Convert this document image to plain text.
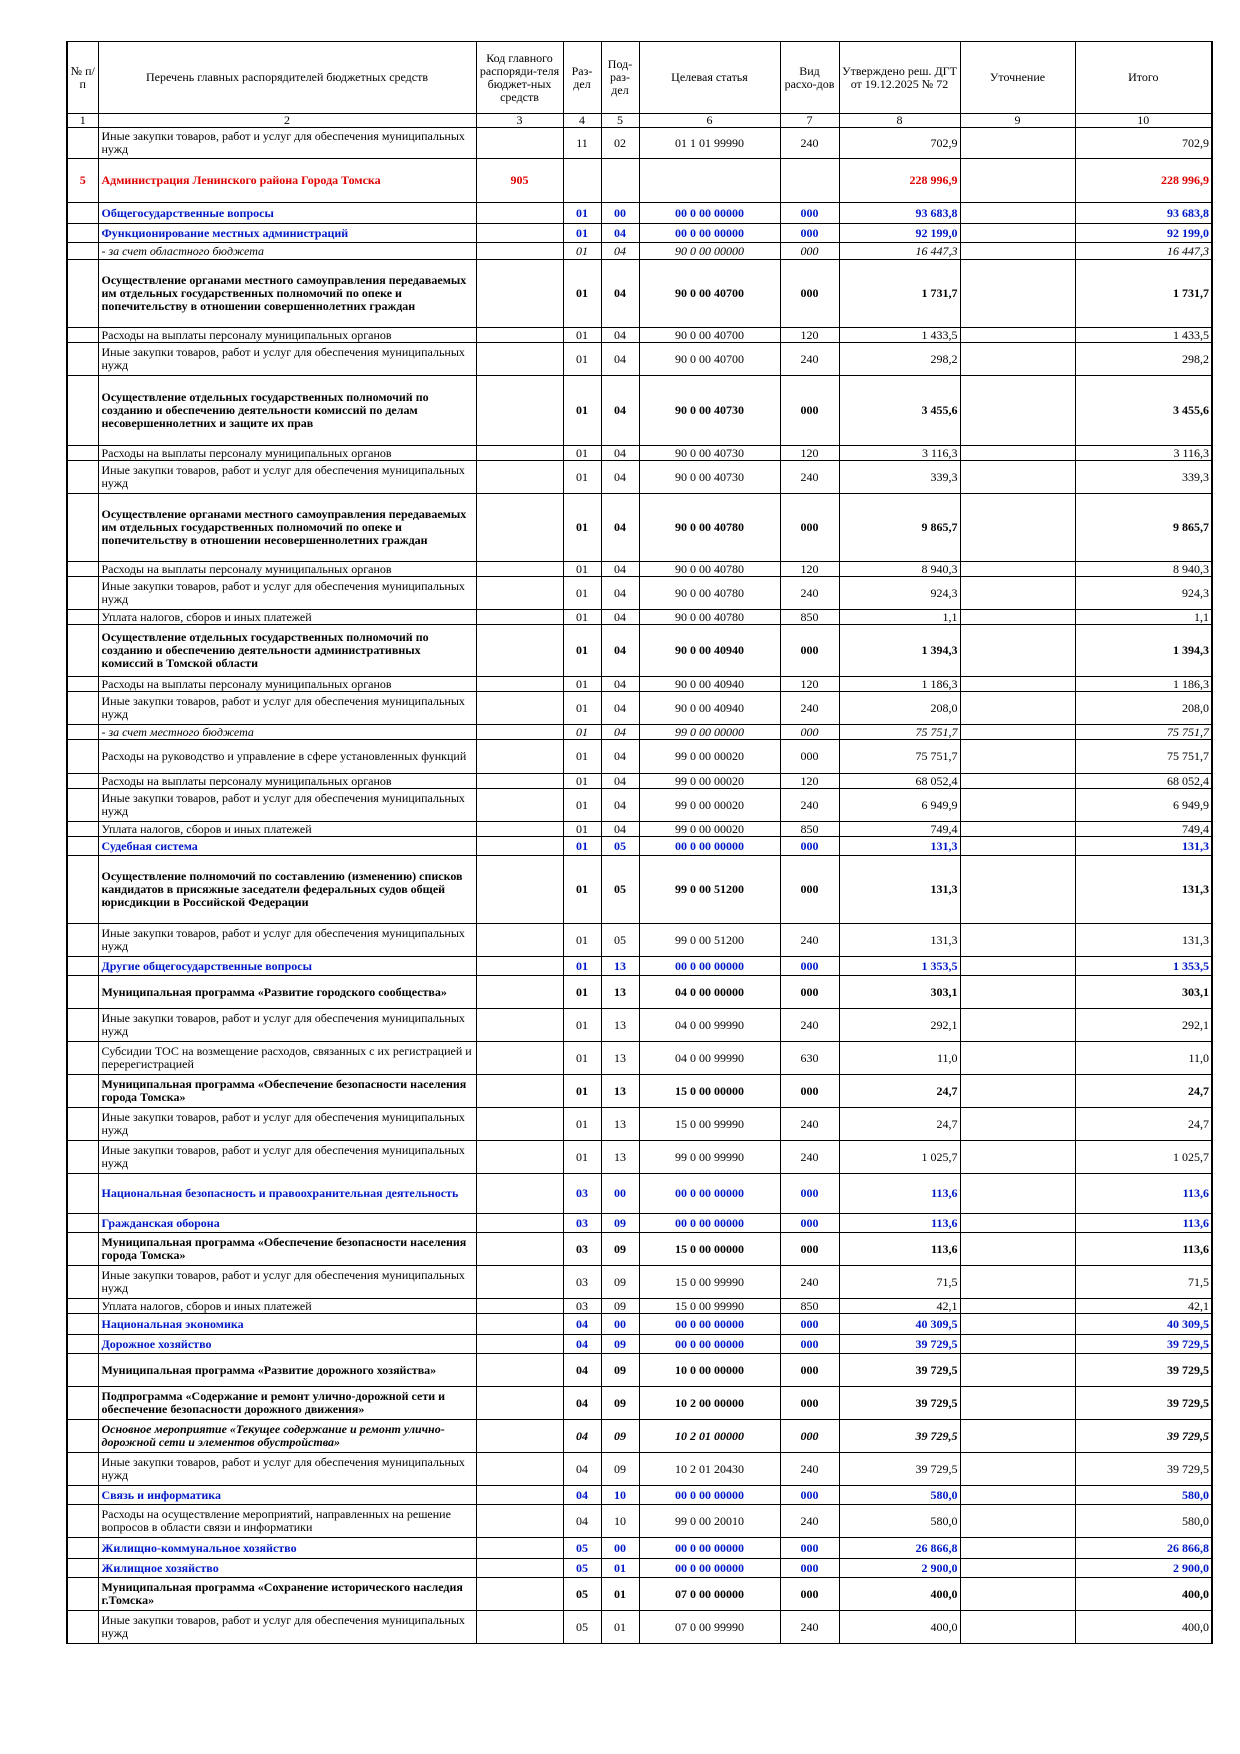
№ п/п	Перечень главных распорядителей бюджетных средств	Код главного распоряди-теля бюджет-ных средств	Раз-дел	Под-раз-дел	Целевая статья	Вид расхо-дов	Утверждено реш. ДГТ от 19.12.2025 № 72	Уточнение	Итого
1	2	3	4	5	6	7	8	9	10
	Иные закупки товаров, работ и услуг для обеспечения муниципальных нужд		11	02	01 1 01 99990	240	702,9		702,9
5	Администрация Ленинского района Города Томска	905					228 996,9		228 996,9
	Общегосударственные вопросы		01	00	00 0 00 00000	000	93 683,8		93 683,8
	Функционирование местных администраций		01	04	00 0 00 00000	000	92 199,0		92 199,0
	- за счет областного бюджета		01	04	90 0 00 00000	000	16 447,3		16 447,3
	Осуществление органами местного самоуправления передаваемых им отдельных государственных полномочий по опеке и попечительству в отношении совершеннолетних граждан		01	04	90 0 00 40700	000	1 731,7		1 731,7
	Расходы на выплаты персоналу муниципальных органов		01	04	90 0 00 40700	120	1 433,5		1 433,5
	Иные закупки товаров, работ и услуг для обеспечения муниципальных нужд		01	04	90 0 00 40700	240	298,2		298,2
	Осуществление отдельных государственных полномочий по созданию и обеспечению деятельности комиссий по делам несовершеннолетних и защите их прав		01	04	90 0 00 40730	000	3 455,6		3 455,6
	Расходы на выплаты персоналу муниципальных органов		01	04	90 0 00 40730	120	3 116,3		3 116,3
	Иные закупки товаров, работ и услуг для обеспечения муниципальных нужд		01	04	90 0 00 40730	240	339,3		339,3
	Осуществление органами местного самоуправления передаваемых им отдельных государственных полномочий по опеке и попечительству в отношении несовершеннолетних граждан		01	04	90 0 00 40780	000	9 865,7		9 865,7
	Расходы на выплаты персоналу муниципальных органов		01	04	90 0 00 40780	120	8 940,3		8 940,3
	Иные закупки товаров, работ и услуг для обеспечения муниципальных нужд		01	04	90 0 00 40780	240	924,3		924,3
	Уплата налогов, сборов и иных платежей		01	04	90 0 00 40780	850	1,1		1,1
	Осуществление отдельных государственных полномочий по созданию и обеспечению деятельности административных комиссий в Томской области		01	04	90 0 00 40940	000	1 394,3		1 394,3
	Расходы на выплаты персоналу муниципальных органов		01	04	90 0 00 40940	120	1 186,3		1 186,3
	Иные закупки товаров, работ и услуг для обеспечения муниципальных нужд		01	04	90 0 00 40940	240	208,0		208,0
	- за счет местного бюджета		01	04	99 0 00 00000	000	75 751,7		75 751,7
	Расходы на руководство и управление в сфере установленных функций		01	04	99 0 00 00020	000	75 751,7		75 751,7
	Расходы на выплаты персоналу муниципальных органов		01	04	99 0 00 00020	120	68 052,4		68 052,4
	Иные закупки товаров, работ и услуг для обеспечения муниципальных нужд		01	04	99 0 00 00020	240	6 949,9		6 949,9
	Уплата налогов, сборов и иных платежей		01	04	99 0 00 00020	850	749,4		749,4
	Судебная система		01	05	00 0 00 00000	000	131,3		131,3
	Осуществление полномочий по составлению (изменению) списков кандидатов в присяжные заседатели федеральных судов общей юрисдикции в Российской Федерации		01	05	99 0 00 51200	000	131,3		131,3
	Иные закупки товаров, работ и услуг для обеспечения муниципальных нужд		01	05	99 0 00 51200	240	131,3		131,3
	Другие общегосударственные вопросы		01	13	00 0 00 00000	000	1 353,5		1 353,5
	Муниципальная программа «Развитие городского сообщества»		01	13	04 0 00 00000	000	303,1		303,1
	Иные закупки товаров, работ и услуг для обеспечения муниципальных нужд		01	13	04 0 00 99990	240	292,1		292,1
	Субсидии ТОС на возмещение расходов, связанных с их регистрацией и перерегистрацией		01	13	04 0 00 99990	630	11,0		11,0
	Муниципальная программа «Обеспечение безопасности населения города Томска»		01	13	15 0 00 00000	000	24,7		24,7
	Иные закупки товаров, работ и услуг для обеспечения муниципальных нужд		01	13	15 0 00 99990	240	24,7		24,7
	Иные закупки товаров, работ и услуг для обеспечения муниципальных нужд		01	13	99 0 00 99990	240	1 025,7		1 025,7
	Национальная безопасность и правоохранительная деятельность		03	00	00 0 00 00000	000	113,6		113,6
	Гражданская оборона		03	09	00 0 00 00000	000	113,6		113,6
	Муниципальная программа «Обеспечение безопасности населения города Томска»		03	09	15 0 00 00000	000	113,6		113,6
	Иные закупки товаров, работ и услуг для обеспечения муниципальных нужд		03	09	15 0 00 99990	240	71,5		71,5
	Уплата налогов, сборов и иных платежей		03	09	15 0 00 99990	850	42,1		42,1
	Национальная экономика		04	00	00 0 00 00000	000	40 309,5		40 309,5
	Дорожное хозяйство		04	09	00 0 00 00000	000	39 729,5		39 729,5
	Муниципальная программа «Развитие дорожного хозяйства»		04	09	10 0 00 00000	000	39 729,5		39 729,5
	Подпрограмма «Содержание и ремонт улично-дорожной сети и обеспечение безопасности дорожного движения»		04	09	10 2 00 00000	000	39 729,5		39 729,5
	Основное мероприятие «Текущее содержание и ремонт улично-дорожной сети и элементов обустройства»		04	09	10 2 01 00000	000	39 729,5		39 729,5
	Иные закупки товаров, работ и услуг для обеспечения муниципальных нужд		04	09	10 2 01 20430	240	39 729,5		39 729,5
	Связь и информатика		04	10	00 0 00 00000	000	580,0		580,0
	Расходы на осуществление мероприятий, направленных на решение вопросов в области связи и информатики		04	10	99 0 00 20010	240	580,0		580,0
	Жилищно-коммунальное хозяйство		05	00	00 0 00 00000	000	26 866,8		26 866,8
	Жилищное хозяйство		05	01	00 0 00 00000	000	2 900,0		2 900,0
	Муниципальная программа «Сохранение исторического наследия г.Томска»		05	01	07 0 00 00000	000	400,0		400,0
	Иные закупки товаров, работ и услуг для обеспечения муниципальных нужд		05	01	07 0 00 99990	240	400,0		400,0
